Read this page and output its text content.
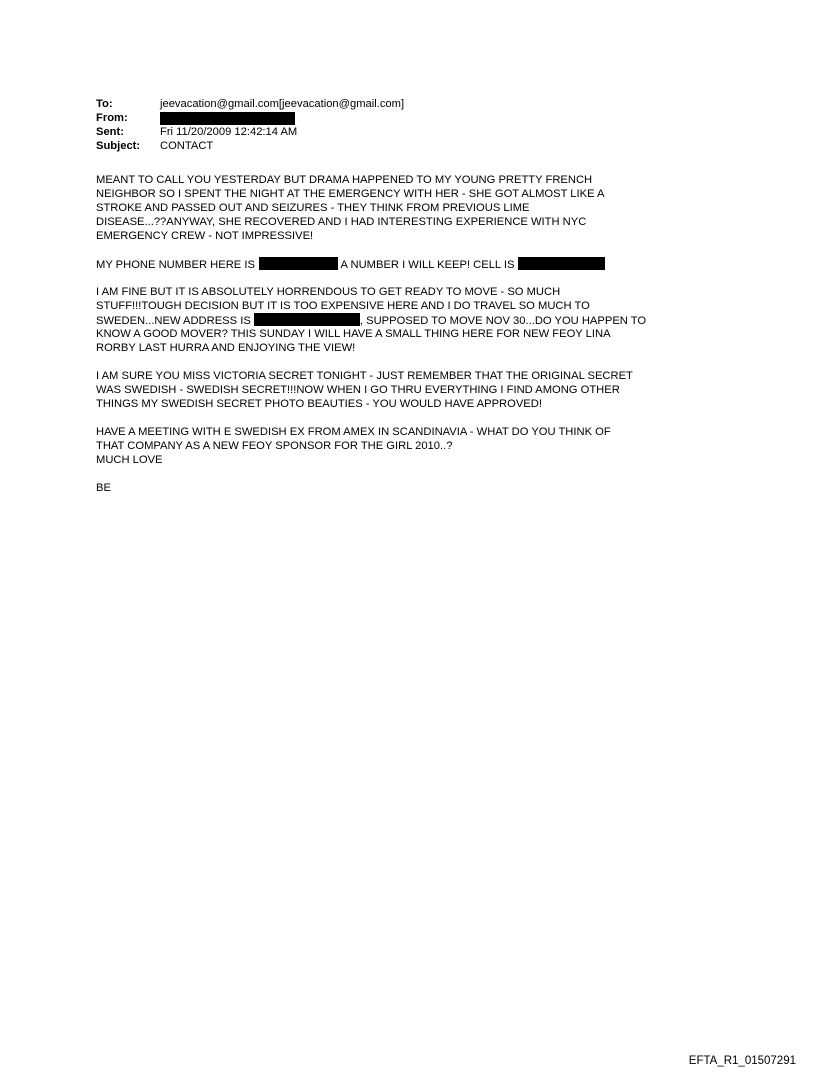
To:	jeevacation@gmail.com[jeevacation@gmail.com]
From:
Sent:	Fri 11/20/2009 12:42:14 AM
Subject:	CONTACT
MEANT TO CALL YOU YESTERDAY BUT DRAMA HAPPENED TO MY YOUNG PRETTY FRENCH
NEIGHBOR SO I SPENT THE NIGHT AT THE EMERGENCY WITH HER - SHE GOT ALMOST LIKE A
STROKE AND PASSED OUT AND SEIZURES - THEY THINK FROM PREVIOUS LIME
DISEASE...??ANYWAY, SHE RECOVERED AND I HAD INTERESTING EXPERIENCE WITH NYC
EMERGENCY CREW - NOT IMPRESSIVE!
MY PHONE NUMBER HERE IS	A NUMBER I WILL KEEP! CELL IS
I AM FINE BUT IT IS ABSOLUTELY HORRENDOUS TO GET READY TO MOVE - SO MUCH
STUFF!!!TOUGH DECISION BUT IT IS TOO EXPENSIVE HERE AND I DO TRAVEL SO MUCH TO
SWEDEN...NEW ADDRESS IS	, SUPPOSED TO MOVE NOV 30...DO YOU HAPPEN TO
KNOW A GOOD MOVER? THIS SUNDAY I WILL HAVE A SMALL THING HERE FOR NEW FEOY LINA
RORBY LAST HURRA AND ENJOYING THE VIEW!
I AM SURE YOU MISS VICTORIA SECRET TONIGHT - JUST REMEMBER THAT THE ORIGINAL SECRET
WAS SWEDISH - SWEDISH SECRET!!!NOW WHEN I GO THRU EVERYTHING I FIND AMONG OTHER
THINGS MY SWEDISH SECRET PHOTO BEAUTIES - YOU WOULD HAVE APPROVED!
HAVE A MEETING WITH E SWEDISH EX FROM AMEX IN SCANDINAVIA - WHAT DO YOU THINK OF
THAT COMPANY AS A NEW FEOY SPONSOR FOR THE GIRL 2010..?
MUCH LOVE
BE
EFTA_R1_01507291
